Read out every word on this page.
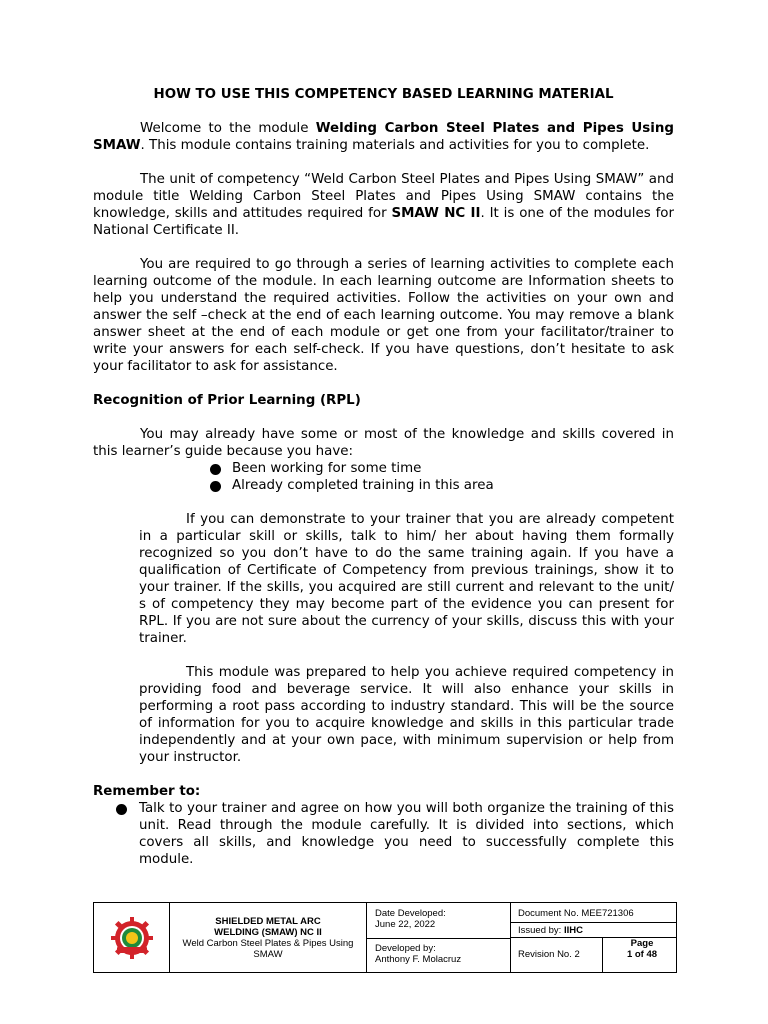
HOW TO USE THIS COMPETENCY BASED LEARNING MATERIAL

Welcome to the module Welding Carbon Steel Plates and Pipes Using SMAW. This module contains training materials and activities for you to complete.

The unit of competency “Weld Carbon Steel Plates and Pipes Using SMAW” and module title Welding Carbon Steel Plates and Pipes Using SMAW contains the knowledge, skills and attitudes required for SMAW NC II. It is one of the modules for National Certificate II.

You are required to go through a series of learning activities to complete each learning outcome of the module. In each learning outcome are Information sheets to help you understand the required activities. Follow the activities on your own and answer the self –check at the end of each learning outcome. You may remove a blank answer sheet at the end of each module or get one from your facilitator/trainer to write your answers for each self-check. If you have questions, don’t hesitate to ask your facilitator to ask for assistance.

Recognition of Prior Learning (RPL)

You may already have some or most of the knowledge and skills covered in this learner’s guide because you have:

Been working for some time
Already completed training in this area

If you can demonstrate to your trainer that you are already competent in a particular skill or skills, talk to him/ her about having them formally recognized so you don’t have to do the same training again. If you have a qualification of Certificate of Competency from previous trainings, show it to your trainer. If the skills, you acquired are still current and relevant to the unit/ s of competency they may become part of the evidence you can present for RPL. If you are not sure about the currency of your skills, discuss this with your trainer.

This module was prepared to help you achieve required competency in providing food and beverage service. It will also enhance your skills in performing a root pass according to industry standard. This will be the source of information for you to acquire knowledge and skills in this particular trade independently and at your own pace, with minimum supervision or help from your instructor.

Remember to:
Talk to your trainer and agree on how you will both organize the training of this unit. Read through the module carefully. It is divided into sections, which covers all skills, and knowledge you need to successfully complete this module.
SHIELDED METAL ARC
WELDING (SMAW) NC II
Weld Carbon Steel Plates & Pipes Using SMAW
Date Developed:
June 22, 2022
Developed by:
Anthony F. Molacruz
Document No. MEE721306
Issued by: IIHC
Revision No. 2
Page
1 of 48
